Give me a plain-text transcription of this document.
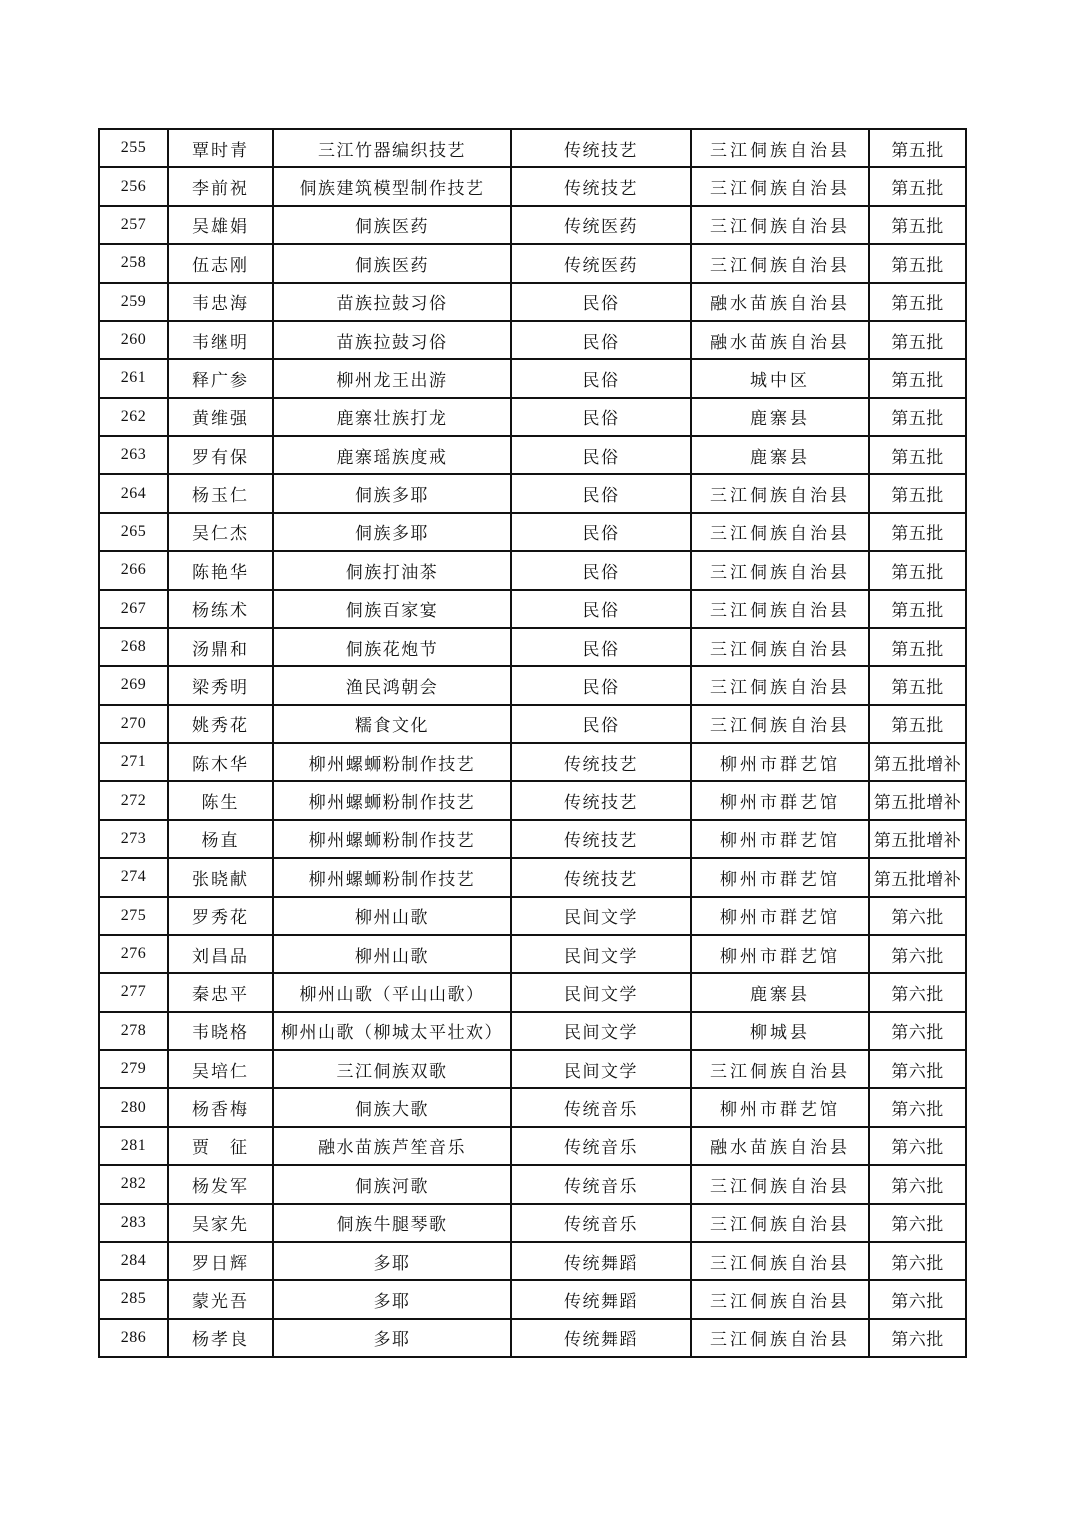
255	覃时青	三江竹器编织技艺	传统技艺	三江侗族自治县	第五批
256	李前祝	侗族建筑模型制作技艺	传统技艺	三江侗族自治县	第五批
257	吴雄娟	侗族医药	传统医药	三江侗族自治县	第五批
258	伍志刚	侗族医药	传统医药	三江侗族自治县	第五批
259	韦忠海	苗族拉鼓习俗	民俗	融水苗族自治县	第五批
260	韦继明	苗族拉鼓习俗	民俗	融水苗族自治县	第五批
261	释广参	柳州龙王出游	民俗	城中区	第五批
262	黄维强	鹿寨壮族打龙	民俗	鹿寨县	第五批
263	罗有保	鹿寨瑶族度戒	民俗	鹿寨县	第五批
264	杨玉仁	侗族多耶	民俗	三江侗族自治县	第五批
265	吴仁杰	侗族多耶	民俗	三江侗族自治县	第五批
266	陈艳华	侗族打油茶	民俗	三江侗族自治县	第五批
267	杨练术	侗族百家宴	民俗	三江侗族自治县	第五批
268	汤鼎和	侗族花炮节	民俗	三江侗族自治县	第五批
269	梁秀明	渔民鸿朝会	民俗	三江侗族自治县	第五批
270	姚秀花	糯食文化	民俗	三江侗族自治县	第五批
271	陈木华	柳州螺蛳粉制作技艺	传统技艺	柳州市群艺馆	第五批增补
272	陈生	柳州螺蛳粉制作技艺	传统技艺	柳州市群艺馆	第五批增补
273	杨直	柳州螺蛳粉制作技艺	传统技艺	柳州市群艺馆	第五批增补
274	张晓献	柳州螺蛳粉制作技艺	传统技艺	柳州市群艺馆	第五批增补
275	罗秀花	柳州山歌	民间文学	柳州市群艺馆	第六批
276	刘昌品	柳州山歌	民间文学	柳州市群艺馆	第六批
277	秦忠平	柳州山歌（平山山歌）	民间文学	鹿寨县	第六批
278	韦晓格	柳州山歌（柳城太平壮欢）	民间文学	柳城县	第六批
279	吴培仁	三江侗族双歌	民间文学	三江侗族自治县	第六批
280	杨香梅	侗族大歌	传统音乐	柳州市群艺馆	第六批
281	贾　征	融水苗族芦笙音乐	传统音乐	融水苗族自治县	第六批
282	杨发军	侗族河歌	传统音乐	三江侗族自治县	第六批
283	吴家先	侗族牛腿琴歌	传统音乐	三江侗族自治县	第六批
284	罗日辉	多耶	传统舞蹈	三江侗族自治县	第六批
285	蒙光吾	多耶	传统舞蹈	三江侗族自治县	第六批
286	杨孝良	多耶	传统舞蹈	三江侗族自治县	第六批
